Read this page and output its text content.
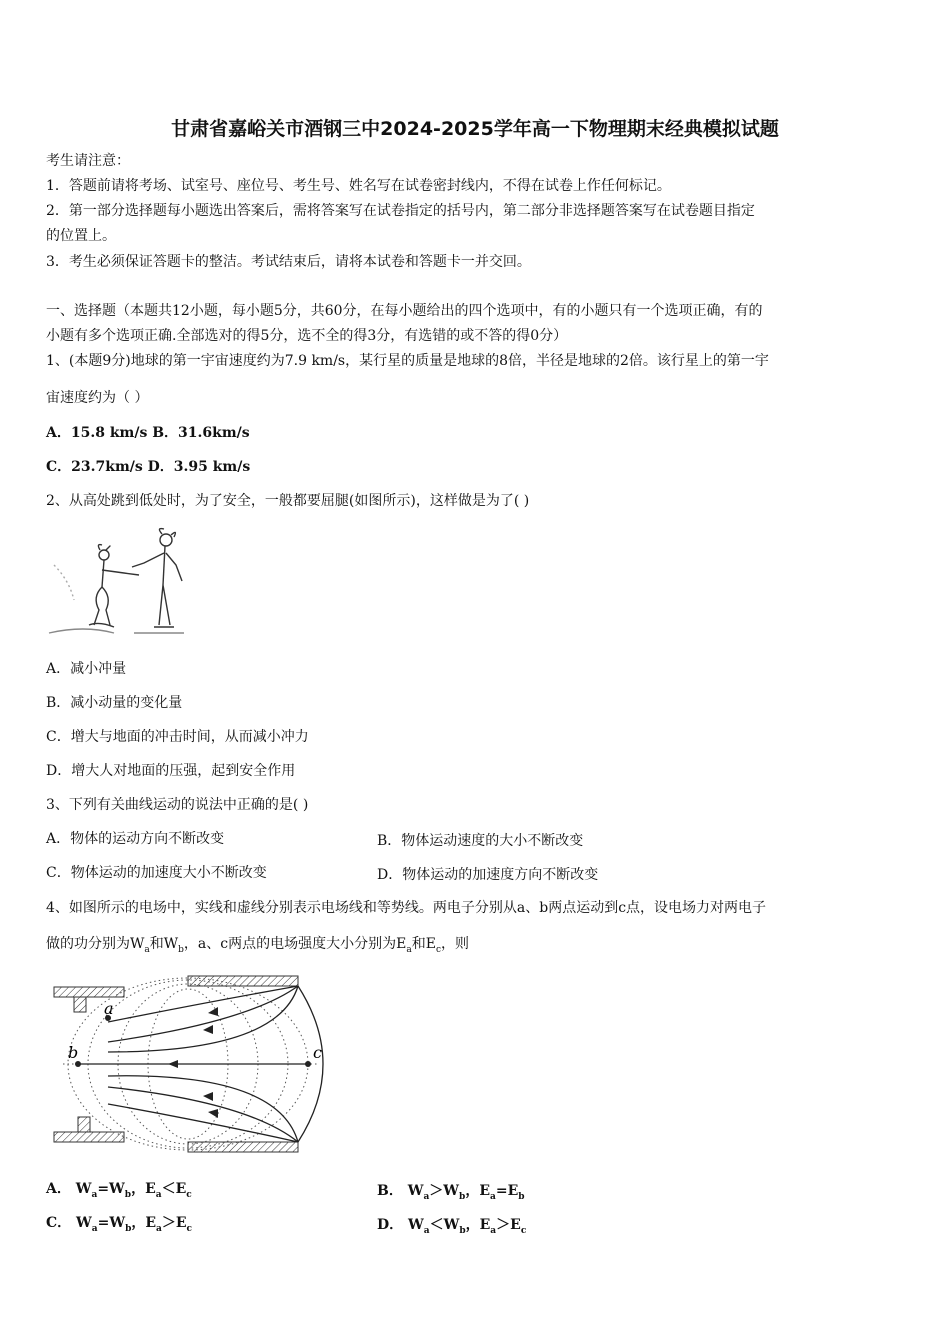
甘肃省嘉峪关市酒钢三中2024-2025学年高一下物理期末经典模拟试题
考生请注意：
1．答题前请将考场、试室号、座位号、考生号、姓名写在试卷密封线内，不得在试卷上作任何标记。
2．第一部分选择题每小题选出答案后，需将答案写在试卷指定的括号内，第二部分非选择题答案写在试卷题目指定
的位置上。
3．考生必须保证答题卡的整洁。考试结束后，请将本试卷和答题卡一并交回。
一、选择题（本题共12小题，每小题5分，共60分，在每小题给出的四个选项中，有的小题只有一个选项正确，有的
小题有多个选项正确.全部选对的得5分，选不全的得3分，有选错的或不答的得0分）
1、(本题9分)地球的第一宇宙速度约为7.9 km/s，某行星的质量是地球的8倍，半径是地球的2倍。该行星上的第一宇
宙速度约为（ ）
A．15.8 km/s B．31.6km/s
C．23.7km/s D．3.95 km/s
2、从高处跳到低处时，为了安全，一般都要屈腿(如图所示)，这样做是为了( )
A．减小冲量
B．减小动量的变化量
C．增大与地面的冲击时间，从而减小冲力
D．增大人对地面的压强，起到安全作用
3、下列有关曲线运动的说法中正确的是( )
A．物体的运动方向不断改变	B．物体运动速度的大小不断改变
C．物体运动的加速度大小不断改变	D．物体运动的加速度方向不断改变
4、如图所示的电场中，实线和虚线分别表示电场线和等势线。两电子分别从a、b两点运动到c点，设电场力对两电子
做的功分别为$W_a$和$W_b$，a、c两点的电场强度大小分别为$E_a$和$E_c$，则
a
b	c
A． $W_a=W_b$，$E_a<E_c$	B． $W_a>W_b$，$E_a=E_b$
C． $W_a=W_b$，$E_a>E_c$	D． $W_a<W_b$，$E_a>E_c$
